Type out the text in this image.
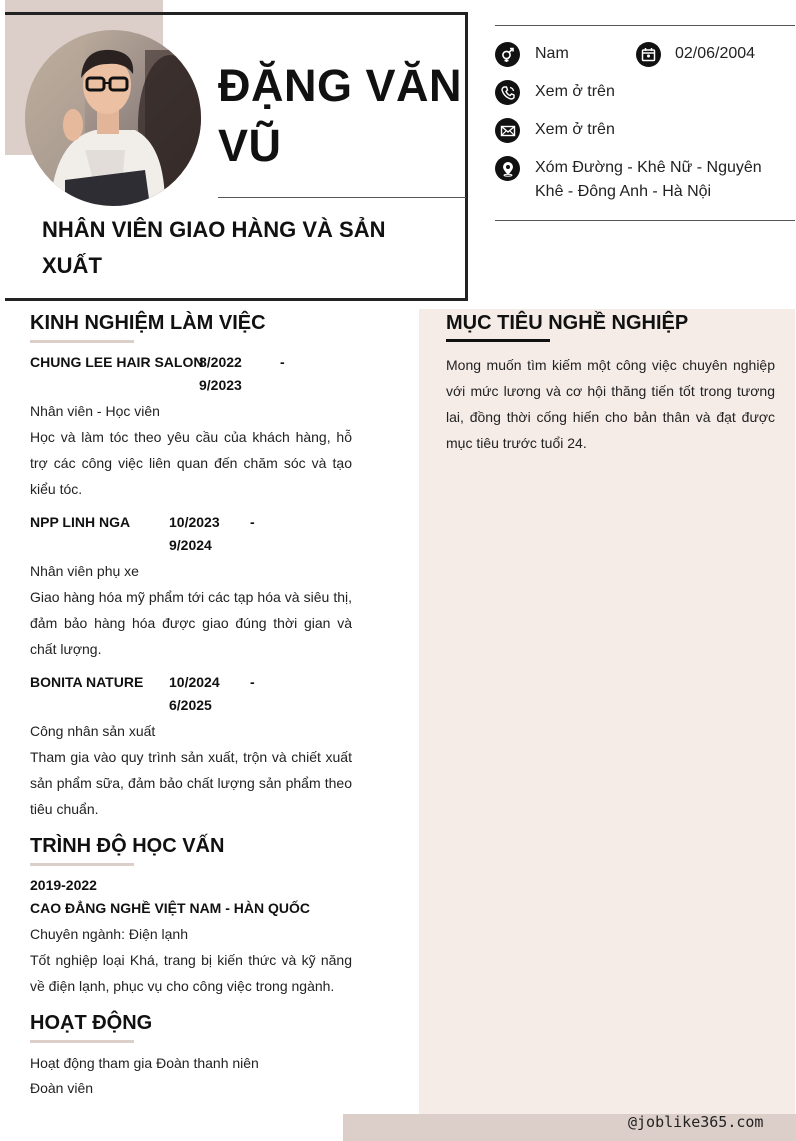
@joblike365.com
ĐẶNG VĂN VŨ
NHÂN VIÊN GIAO HÀNG VÀ SẢN XUẤT
Nam	02/06/2004
Xem ở trên
Xem ở trên
Xóm Đường - Khê Nữ - Nguyên Khê - Đông Anh - Hà Nội
KINH NGHIỆM LÀM VIỆC
CHUNG LEE HAIR SALON
8/2022	-
9/2023
Nhân viên - Học viên
Học và làm tóc theo yêu cầu của khách hàng, hỗ trợ các công việc liên quan đến chăm sóc và tạo kiểu tóc.
NPP LINH NGA	10/2023 -
9/2024
Nhân viên phụ xe
Giao hàng hóa mỹ phẩm tới các tạp hóa và siêu thị, đảm bảo hàng hóa được giao đúng thời gian và chất lượng.
BONITA NATURE 10/2024 -
6/2025
Công nhân sản xuất
Tham gia vào quy trình sản xuất, trộn và chiết xuất sản phẩm sữa, đảm bảo chất lượng sản phẩm theo tiêu chuẩn.
TRÌNH ĐỘ HỌC VẤN
2019-2022
CAO ĐẲNG NGHỀ VIỆT NAM - HÀN QUỐC
Chuyên ngành: Điện lạnh
Tốt nghiệp loại Khá, trang bị kiến thức và kỹ năng về điện lạnh, phục vụ cho công việc trong ngành.
HOẠT ĐỘNG
Hoạt động tham gia Đoàn thanh niên
Đoàn viên
MỤC TIÊU NGHỀ NGHIỆP
Mong muốn tìm kiếm một công việc chuyên nghiệp với mức lương và cơ hội thăng tiến tốt trong tương lai, đồng thời cống hiến cho bản thân và đạt được mục tiêu trước tuổi 24.
